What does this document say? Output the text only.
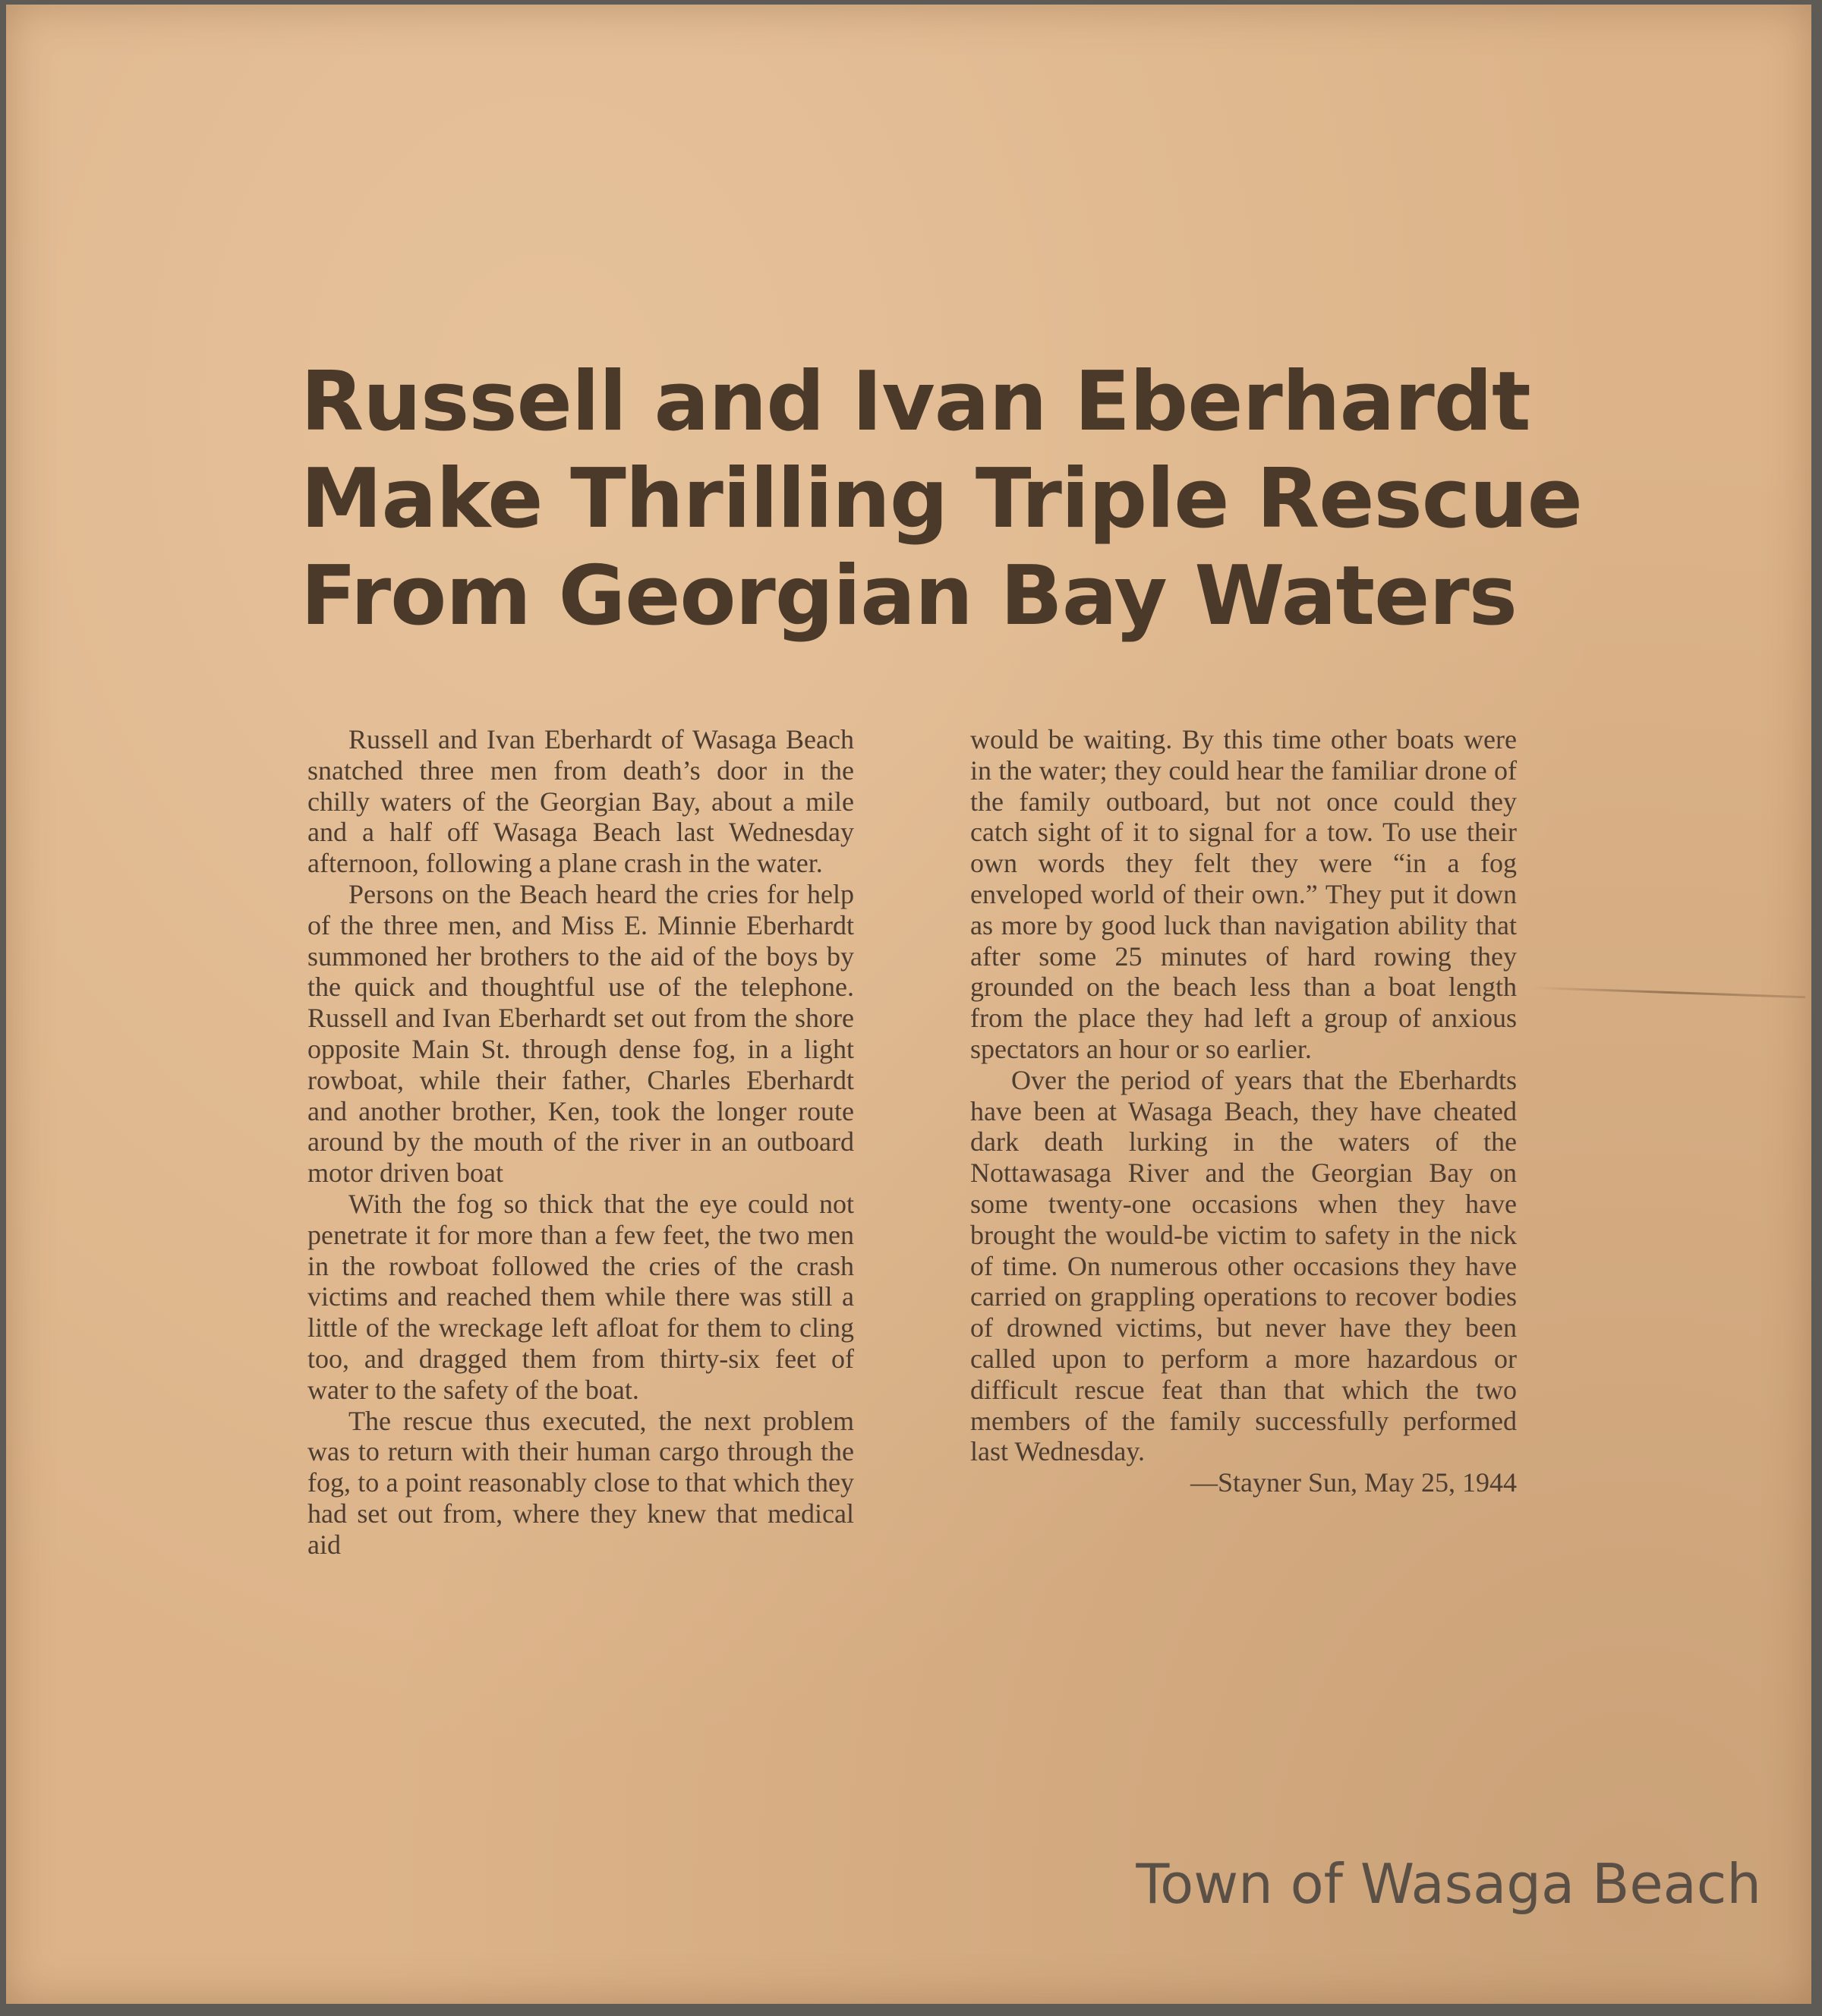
Russell and Ivan Eberhardt
Make Thrilling Triple Rescue
From Georgian Bay Waters

Russell and Ivan Eberhardt of Wasaga Beach snatched three men from death’s door in the chilly waters of the Georgian Bay, about a mile and a half off Wasaga Beach last Wednesday afternoon, following a plane crash in the water.

Persons on the Beach heard the cries for help of the three men, and Miss E. Minnie Eberhardt summoned her brothers to the aid of the boys by the quick and thoughtful use of the telephone. Russell and Ivan Eberhardt set out from the shore opposite Main St. through dense fog, in a light rowboat, while their father, Charles Eberhardt and another brother, Ken, took the longer route around by the mouth of the river in an outboard motor driven boat

With the fog so thick that the eye could not penetrate it for more than a few feet, the two men in the rowboat followed the cries of the crash victims and reached them while there was still a little of the wreckage left afloat for them to cling too, and dragged them from thirty-six feet of water to the safety of the boat.

The rescue thus executed, the next problem was to return with their human cargo through the fog, to a point reasonably close to that which they had set out from, where they knew that medical aid

would be waiting. By this time other boats were in the water; they could hear the familiar drone of the family outboard, but not once could they catch sight of it to signal for a tow. To use their own words they felt they were “in a fog enveloped world of their own.” They put it down as more by good luck than navigation ability that after some 25 minutes of hard rowing they grounded on the beach less than a boat length from the place they had left a group of anxious spectators an hour or so earlier.

Over the period of years that the Eberhardts have been at Wasaga Beach, they have cheated dark death lurking in the waters of the Nottawasaga River and the Georgian Bay on some twenty-one occasions when they have brought the would-be victim to safety in the nick of time. On numerous other occasions they have carried on grappling operations to recover bodies of drowned victims, but never have they been called upon to perform a more hazardous or difficult rescue feat than that which the two members of the family successfully performed last Wednesday.

—Stayner Sun, May 25, 1944

Town of Wasaga Beach
